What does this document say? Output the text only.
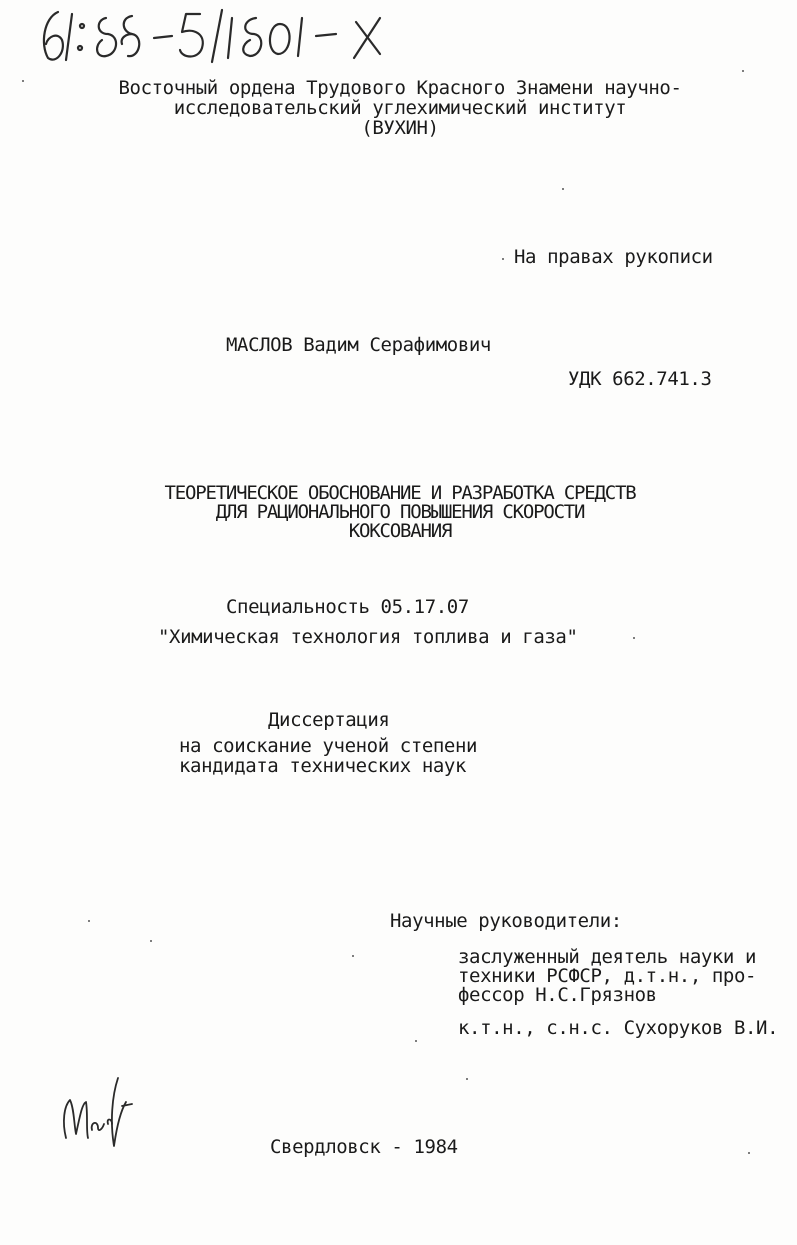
Восточный ордена Трудового Красного Знамени научно-
исследовательский углехимический институт
(ВУХИН)
На правах рукописи
МАСЛОВ Вадим Серафимович
УДК 662.741.3
ТЕОРЕТИЧЕСКОЕ ОБОСНОВАНИЕ И РАЗРАБОТКА СРЕДСТВ
ДЛЯ РАЦИОНАЛЬНОГО ПОВЫШЕНИЯ СКОРОСТИ
КОКСОВАНИЯ
Специальность 05.17.07
"Химическая технология топлива и газа"
Диссертация
на соискание ученой степени
кандидата технических наук
Научные руководители:
заслуженный деятель науки и
техники РСФСР, д.т.н., про-
фессор Н.С.Грязнов
к.т.н., с.н.с. Сухоруков В.И.
Свердловск - 1984
